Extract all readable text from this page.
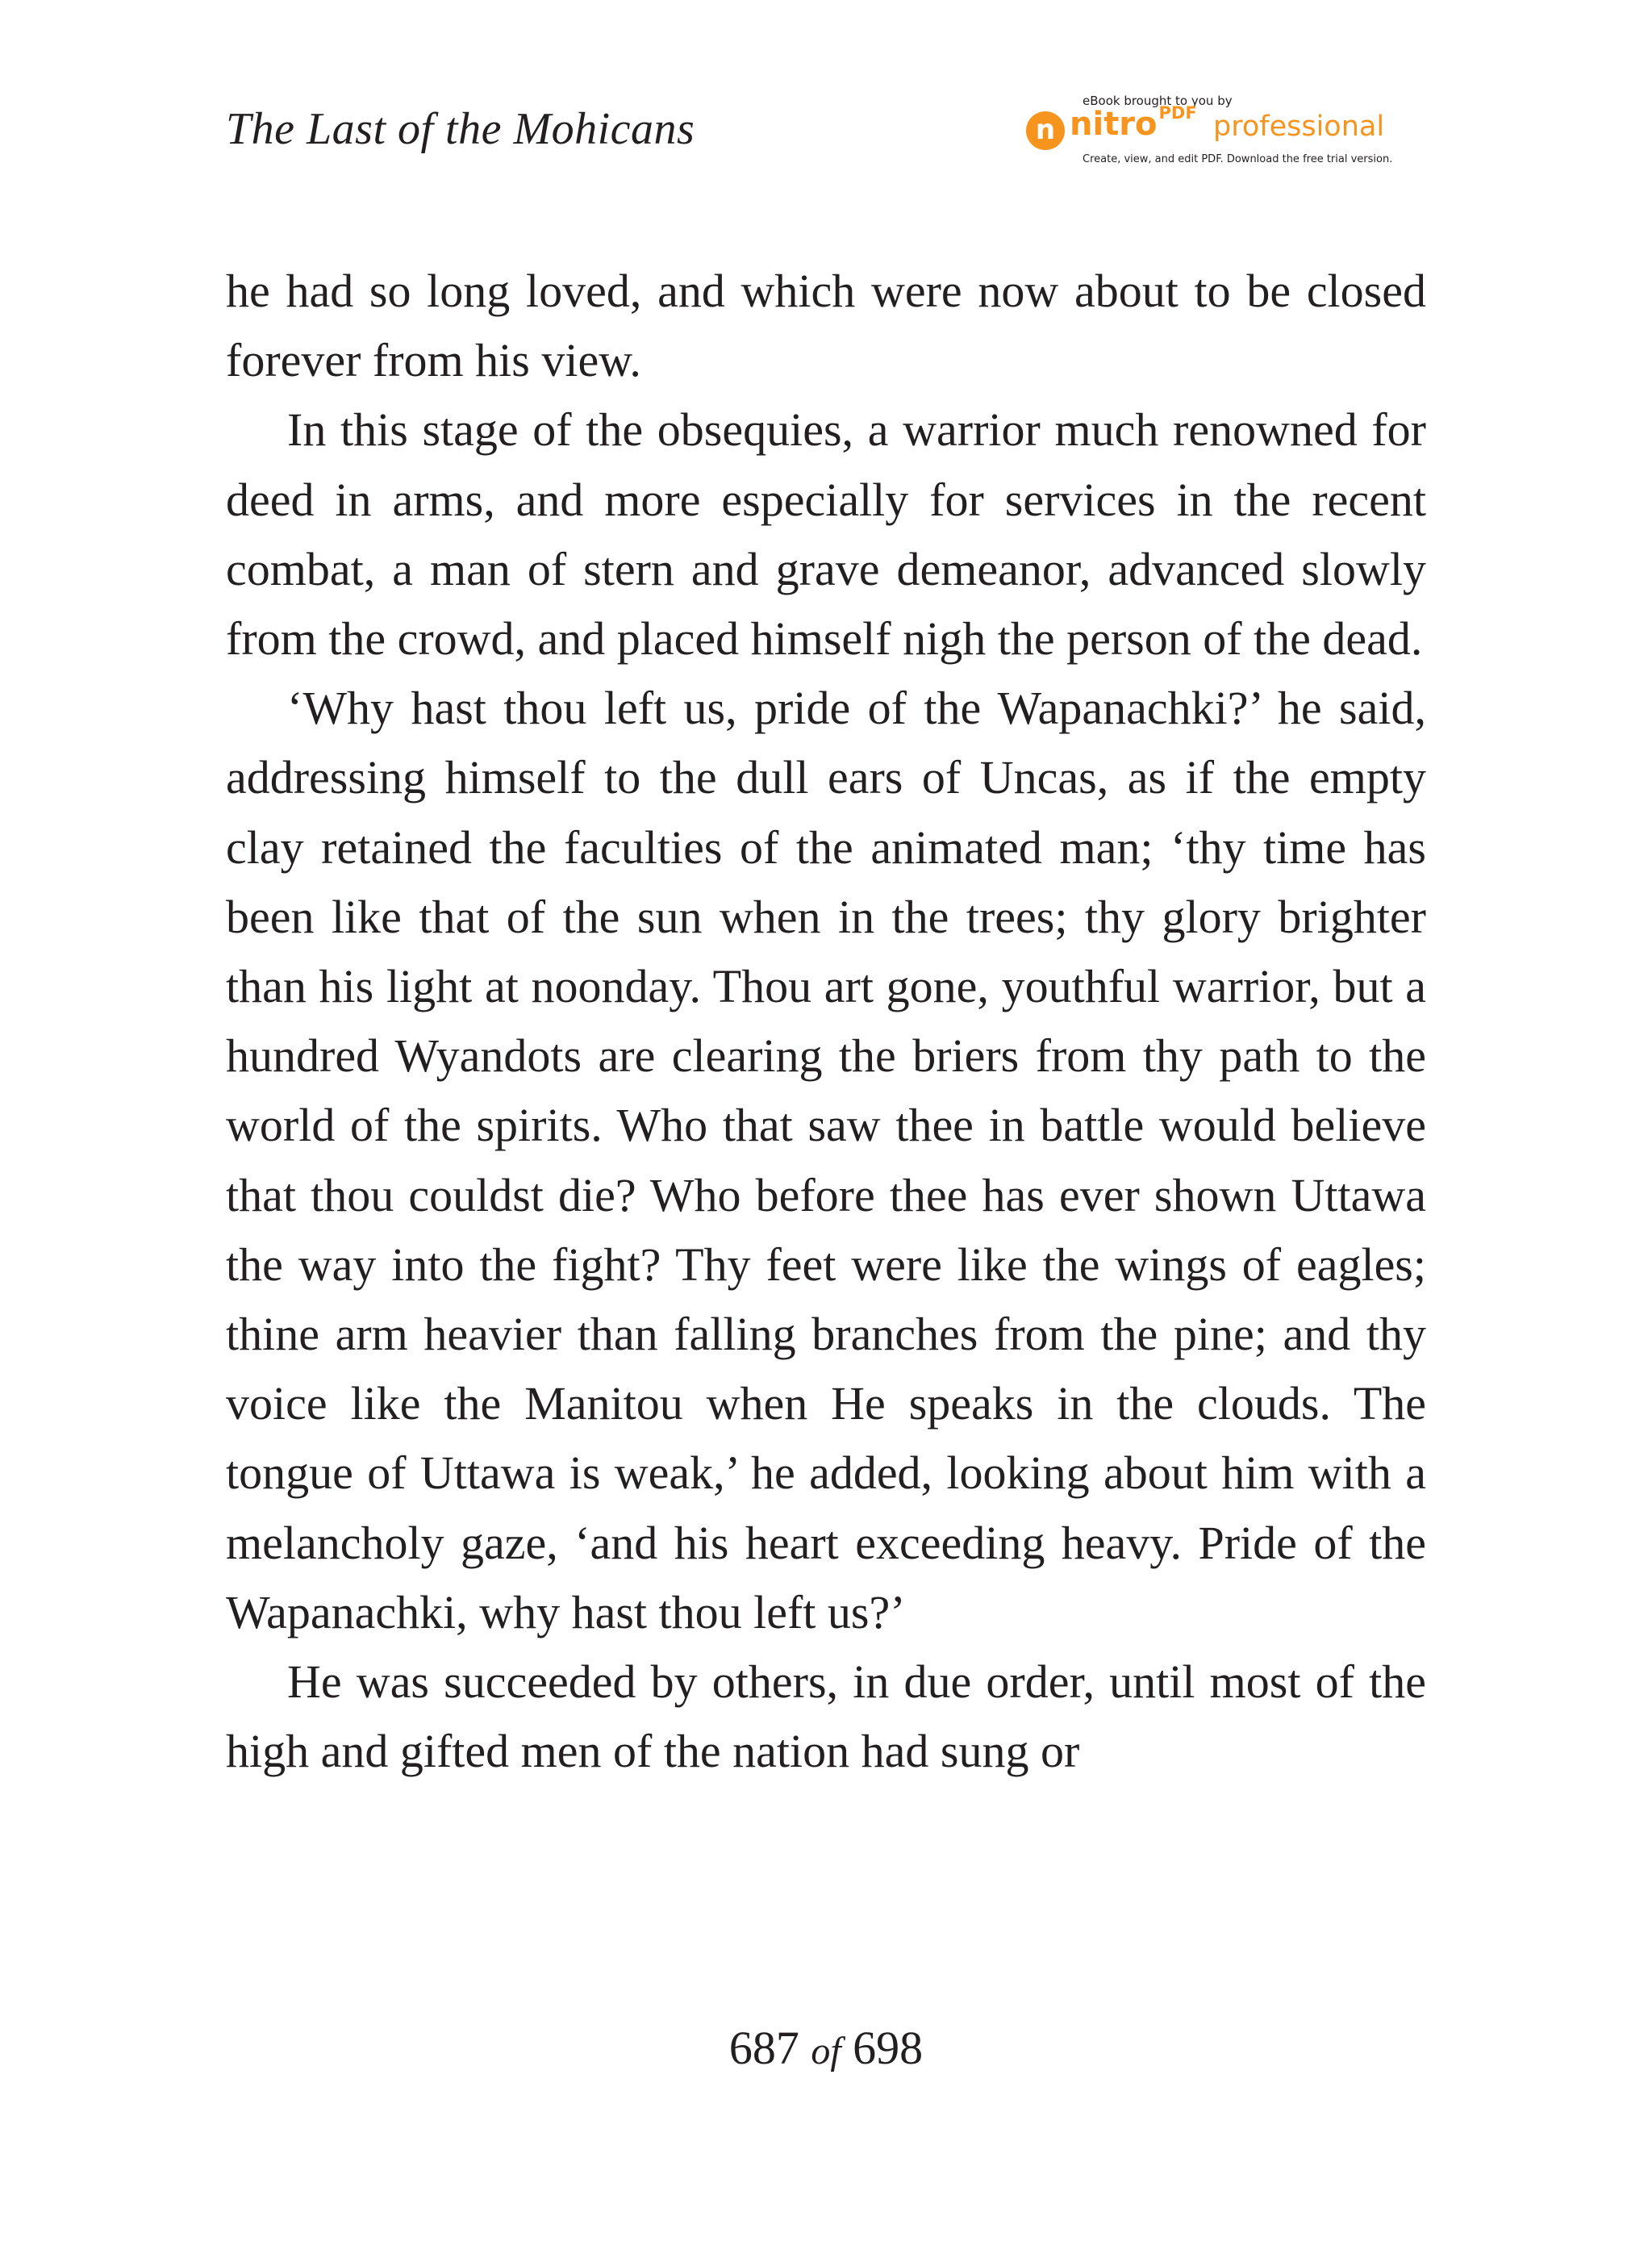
The Last of the Mohicans
eBook brought to you by
n nitro$^{PDF}$ professional
Create, view, and edit PDF. Download the free trial version.

he had so long loved, and which were now about to be closed forever from his view.

In this stage of the obsequies, a warrior much renowned for deed in arms, and more especially for services in the recent combat, a man of stern and grave demeanor, advanced slowly from the crowd, and placed himself nigh the person of the dead.

‘Why hast thou left us, pride of the Wapanachki?’ he said, addressing himself to the dull ears of Uncas, as if the empty clay retained the faculties of the animated man; ‘thy time has been like that of the sun when in the trees; thy glory brighter than his light at noonday. Thou art gone, youthful warrior, but a hundred Wyandots are clearing the briers from thy path to the world of the spirits. Who that saw thee in battle would believe that thou couldst die? Who before thee has ever shown Uttawa the way into the fight? Thy feet were like the wings of eagles; thine arm heavier than falling branches from the pine; and thy voice like the Manitou when He speaks in the clouds. The tongue of Uttawa is weak,’ he added, looking about him with a melancholy gaze, ‘and his heart exceeding heavy. Pride of the Wapanachki, why hast thou left us?’

He was succeeded by others, in due order, until most of the high and gifted men of the nation had sung or

687 of 698
